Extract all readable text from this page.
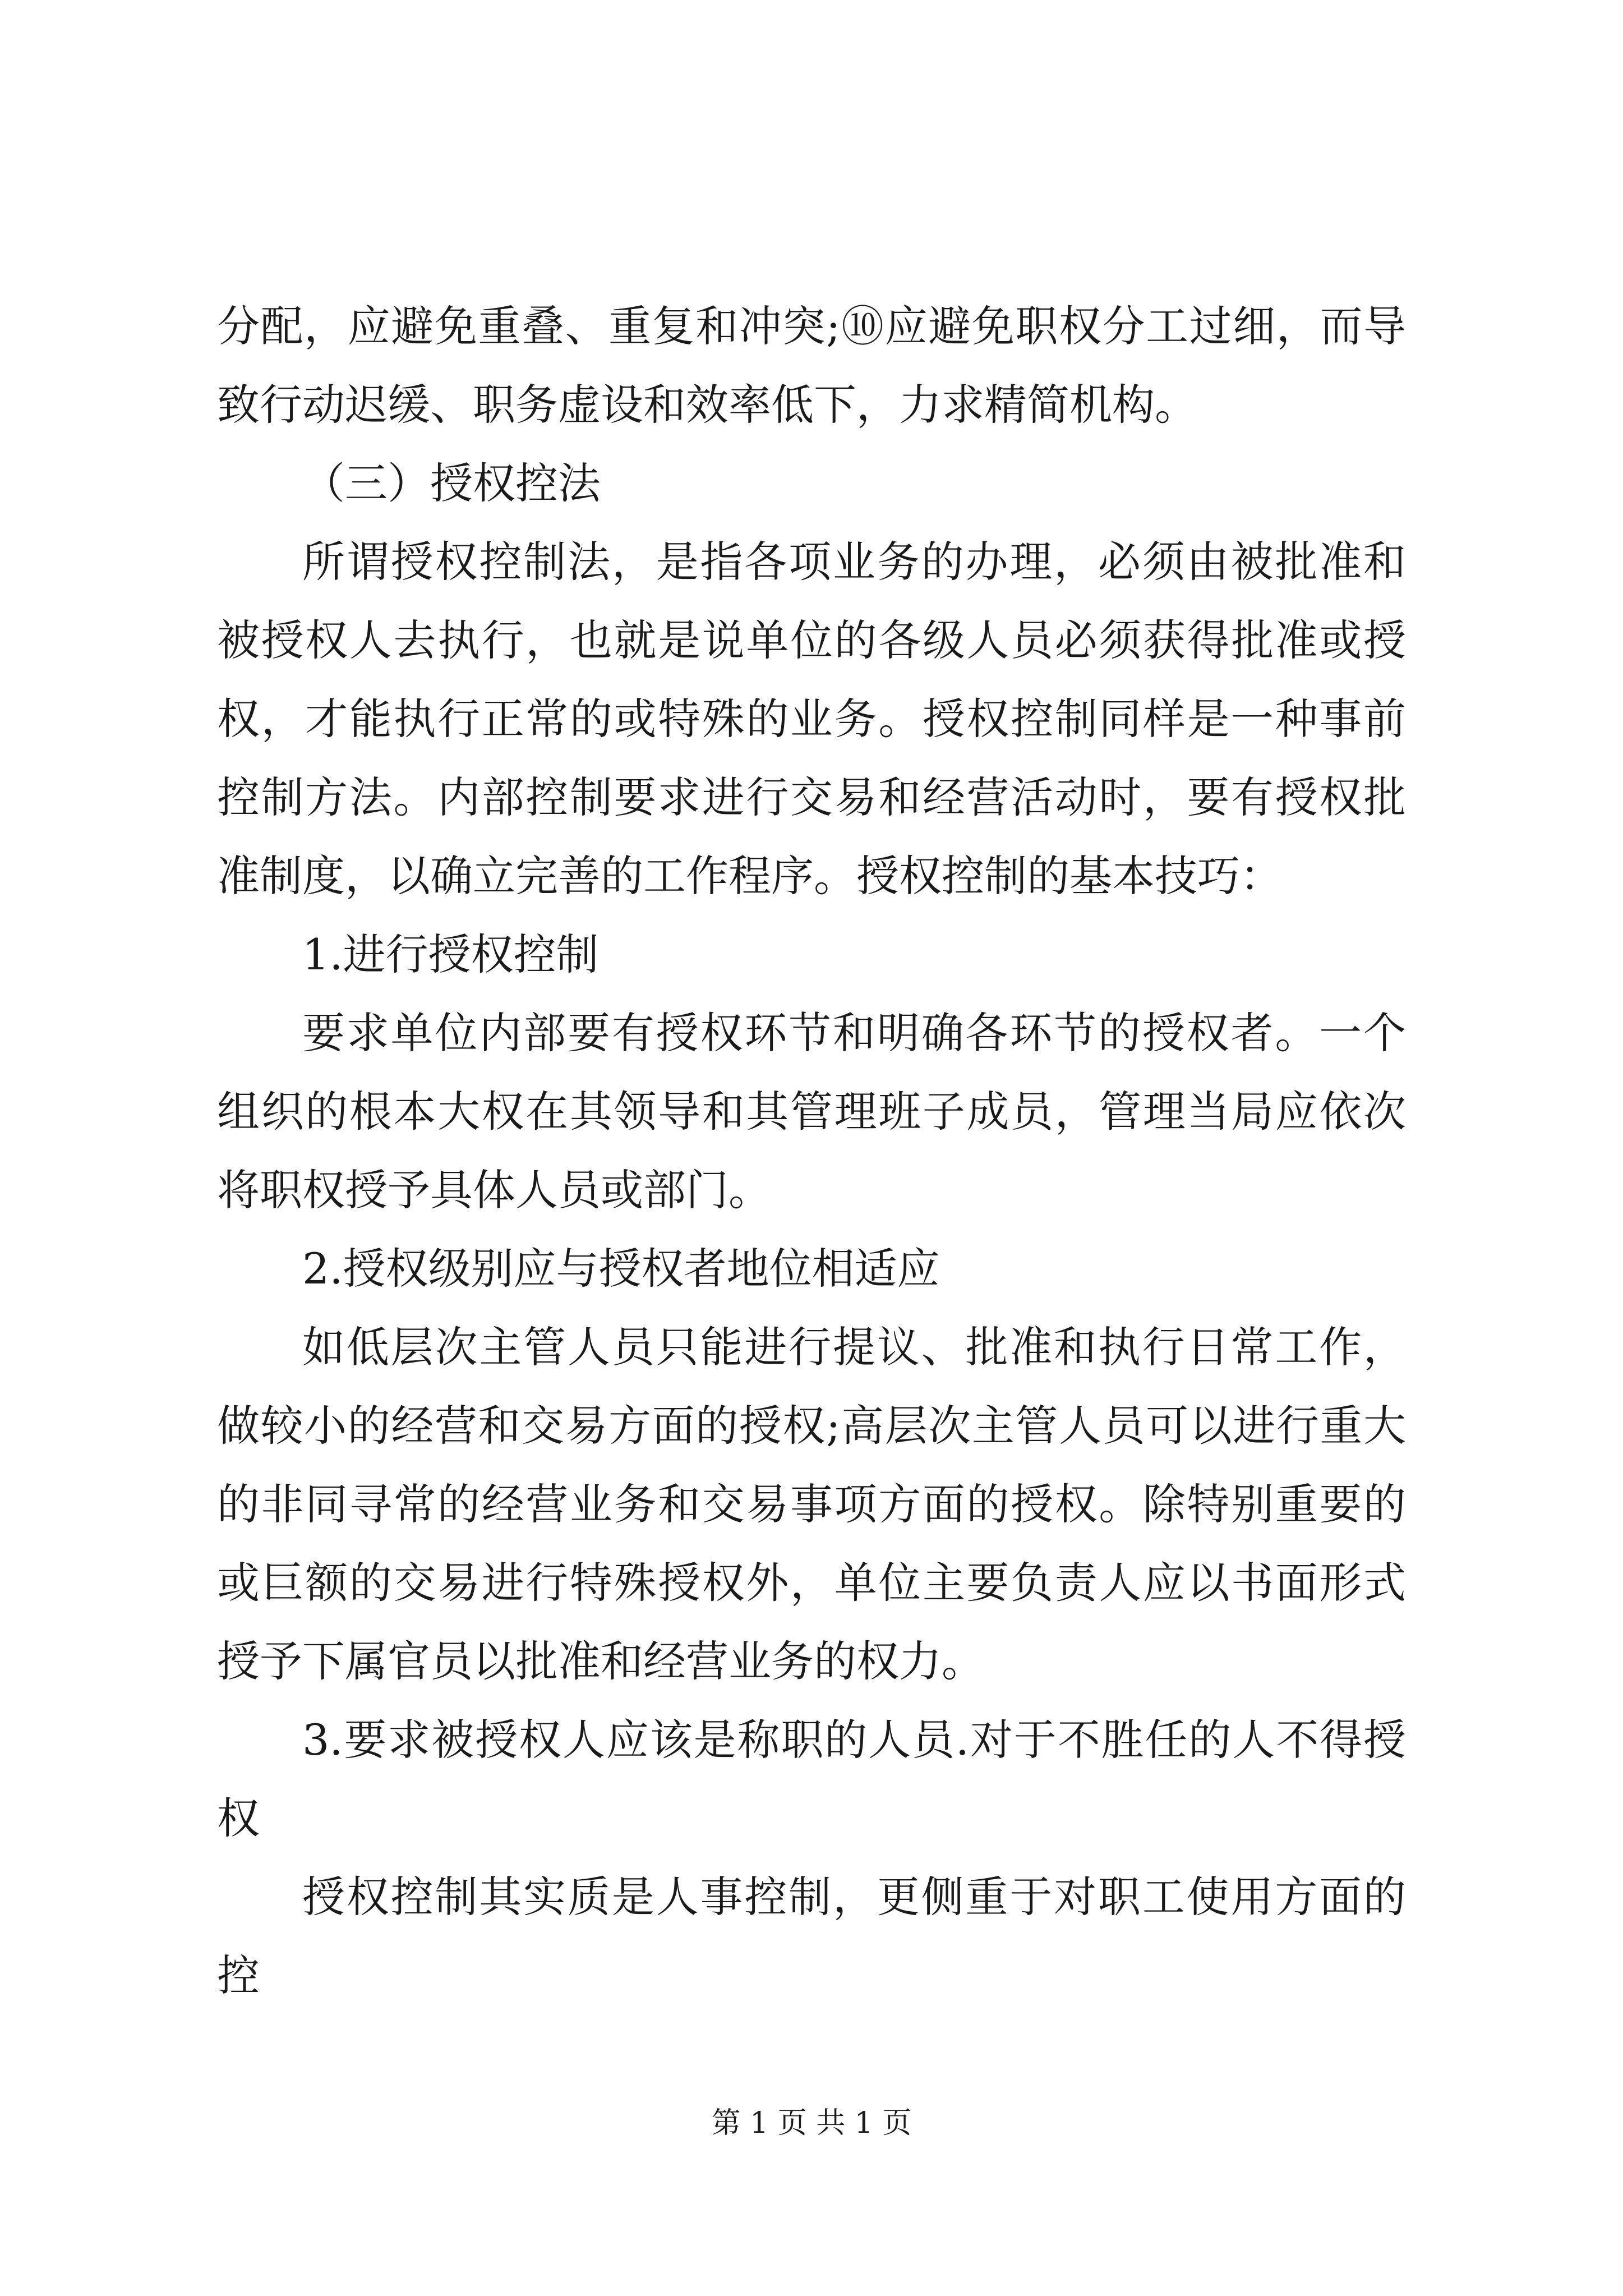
分配，应避免重叠、重复和冲突;⑩应避免职权分工过细，而导致行动迟缓、职务虚设和效率低下，力求精简机构。

（三）授权控法

所谓授权控制法，是指各项业务的办理，必须由被批准和被授权人去执行，也就是说单位的各级人员必须获得批准或授权，才能执行正常的或特殊的业务。授权控制同样是一种事前控制方法。内部控制要求进行交易和经营活动时，要有授权批准制度，以确立完善的工作程序。授权控制的基本技巧：

1.进行授权控制

要求单位内部要有授权环节和明确各环节的授权者。一个组织的根本大权在其领导和其管理班子成员，管理当局应依次将职权授予具体人员或部门。

2.授权级别应与授权者地位相适应

如低层次主管人员只能进行提议、批准和执行日常工作，做较小的经营和交易方面的授权;高层次主管人员可以进行重大的非同寻常的经营业务和交易事项方面的授权。除特别重要的或巨额的交易进行特殊授权外，单位主要负责人应以书面形式授予下属官员以批准和经营业务的权力。

3.要求被授权人应该是称职的人员.对于不胜任的人不得授权

授权控制其实质是人事控制，更侧重于对职工使用方面的控

第 1 页 共 1 页
